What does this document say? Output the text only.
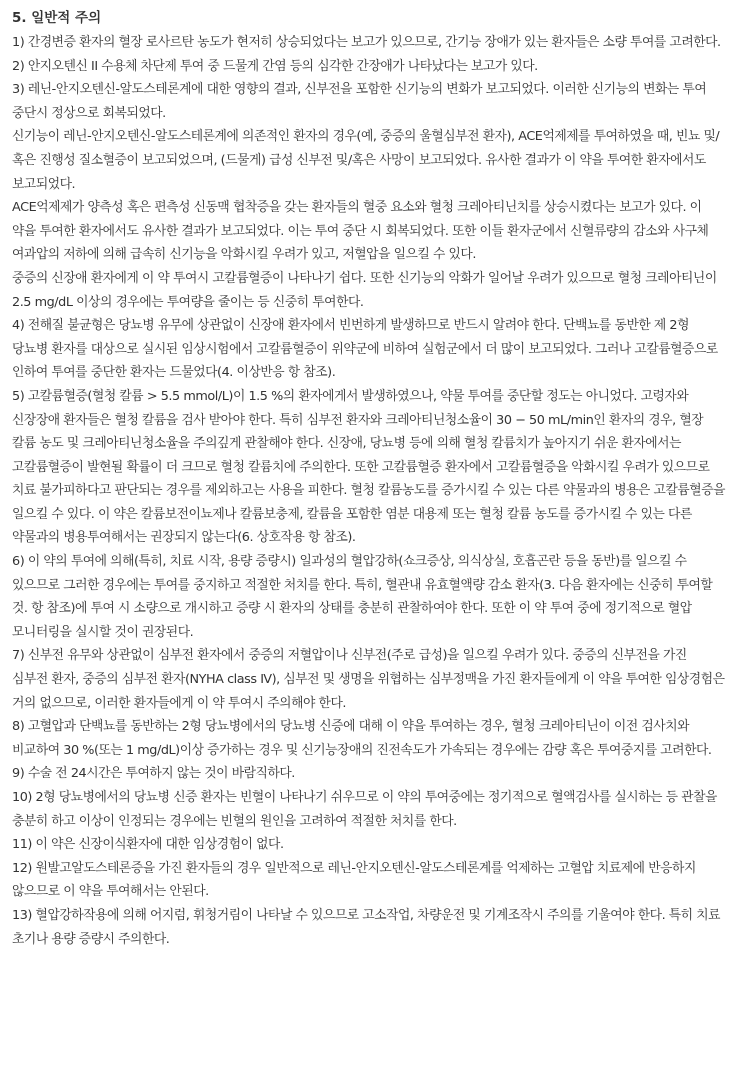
5. 일반적 주의

1) 간경변증 환자의 혈장 로사르탄 농도가 현저히 상승되었다는 보고가 있으므로, 간기능 장애가 있는 환자들은 소량 투여를 고려한다.

2) 안지오텐신 II 수용체 차단제 투여 중 드물게 간염 등의 심각한 간장애가 나타났다는 보고가 있다.

3) 레닌-안지오텐신-알도스테론계에 대한 영향의 결과, 신부전을 포함한 신기능의 변화가 보고되었다. 이러한 신기능의 변화는 투여 중단시 정상으로 회복되었다.

신기능이 레닌-안지오텐신-알도스테론계에 의존적인 환자의 경우(예, 중증의 울혈심부전 환자), ACE억제제를 투여하였을 때, 빈뇨 및/혹은 진행성 질소혈증이 보고되었으며, (드물게) 급성 신부전 및/혹은 사망이 보고되었다. 유사한 결과가 이 약을 투여한 환자에서도 보고되었다.

ACE억제제가 양측성 혹은 편측성 신동맥 협착증을 갖는 환자들의 혈중 요소와 혈청 크레아티닌치를 상승시켰다는 보고가 있다. 이 약을 투여한 환자에서도 유사한 결과가 보고되었다. 이는 투여 중단 시 회복되었다. 또한 이들 환자군에서 신혈류량의 감소와 사구체 여과압의 저하에 의해 급속히 신기능을 악화시킬 우려가 있고, 저혈압을 일으킬 수 있다.

중증의 신장애 환자에게 이 약 투여시 고칼륨혈증이 나타나기 쉽다. 또한 신기능의 악화가 일어날 우려가 있으므로 혈청 크레아티닌이 2.5 mg/dL 이상의 경우에는 투여량을 줄이는 등 신중히 투여한다.

4) 전해질 불균형은 당뇨병 유무에 상관없이 신장애 환자에서 빈번하게 발생하므로 반드시 알려야 한다. 단백뇨를 동반한 제 2형 당뇨병 환자를 대상으로 실시된 임상시험에서 고칼륨혈증이 위약군에 비하여 실험군에서 더 많이 보고되었다. 그러나 고칼륨혈증으로 인하여 투여를 중단한 환자는 드물었다(4. 이상반응 항 참조).

5) 고칼륨혈증(혈청 칼륨 > 5.5 mmol/L)이 1.5 %의 환자에게서 발생하였으나, 약물 투여를 중단할 정도는 아니었다. 고령자와 신장장애 환자들은 혈청 칼륨을 검사 받아야 한다. 특히 심부전 환자와 크레아티닌청소율이 30 − 50 mL/min인 환자의 경우, 혈장 칼륨 농도 및 크레아티닌청소율을 주의깊게 관찰해야 한다. 신장애, 당뇨병 등에 의해 혈청 칼륨치가 높아지기 쉬운 환자에서는 고칼륨혈증이 발현될 확률이 더 크므로 혈청 칼륨치에 주의한다. 또한 고칼륨혈증 환자에서 고칼륨혈증을 악화시킬 우려가 있으므로 치료 불가피하다고 판단되는 경우를 제외하고는 사용을 피한다. 혈청 칼륨농도를 증가시킬 수 있는 다른 약물과의 병용은 고칼륨혈증을 일으킬 수 있다. 이 약은 칼륨보전이뇨제나 칼륨보충제, 칼륨을 포함한 염분 대용제 또는 혈청 칼륨 농도를 증가시킬 수 있는 다른 약물과의 병용투여해서는 권장되지 않는다(6. 상호작용 항 참조).

6) 이 약의 투여에 의해(특히, 치료 시작, 용량 증량시) 일과성의 혈압강하(쇼크증상, 의식상실, 호흡곤란 등을 동반)를 일으킬 수 있으므로 그러한 경우에는 투여를 중지하고 적절한 처치를 한다. 특히, 혈관내 유효혈액량 감소 환자(3. 다음 환자에는 신중히 투여할 것. 항 참조)에 투여 시 소량으로 개시하고 증량 시 환자의 상태를 충분히 관찰하여야 한다. 또한 이 약 투여 중에 정기적으로 혈압 모니터링을 실시할 것이 권장된다.

7) 신부전 유무와 상관없이 심부전 환자에서 중증의 저혈압이나 신부전(주로 급성)을 일으킬 우려가 있다. 중증의 신부전을 가진 심부전 환자, 중증의 심부전 환자(NYHA class Ⅳ), 심부전 및 생명을 위협하는 심부정맥을 가진 환자들에게 이 약을 투여한 임상경험은 거의 없으므로, 이러한 환자들에게 이 약 투여시 주의해야 한다.

8) 고혈압과 단백뇨를 동반하는 2형 당뇨병에서의 당뇨병 신증에 대해 이 약을 투여하는 경우, 혈청 크레아티닌이 이전 검사치와 비교하여 30 %(또는 1 mg/dL)이상 증가하는 경우 및 신기능장애의 진전속도가 가속되는 경우에는 감량 혹은 투여중지를 고려한다.

9) 수술 전 24시간은 투여하지 않는 것이 바람직하다.

10) 2형 당뇨병에서의 당뇨병 신증 환자는 빈혈이 나타나기 쉬우므로 이 약의 투여중에는 정기적으로 혈액검사를 실시하는 등 관찰을 충분히 하고 이상이 인정되는 경우에는 빈혈의 원인을 고려하여 적절한 처치를 한다.

11) 이 약은 신장이식환자에 대한 임상경험이 없다.

12) 원발고알도스테론증을 가진 환자들의 경우 일반적으로 레닌-안지오텐신-알도스테론계를 억제하는 고혈압 치료제에 반응하지 않으므로 이 약을 투여해서는 안된다.

13) 혈압강하작용에 의해 어지럼, 휘청거림이 나타날 수 있으므로 고소작업, 차량운전 및 기계조작시 주의를 기울여야 한다. 특히 치료 초기나 용량 증량시 주의한다.
